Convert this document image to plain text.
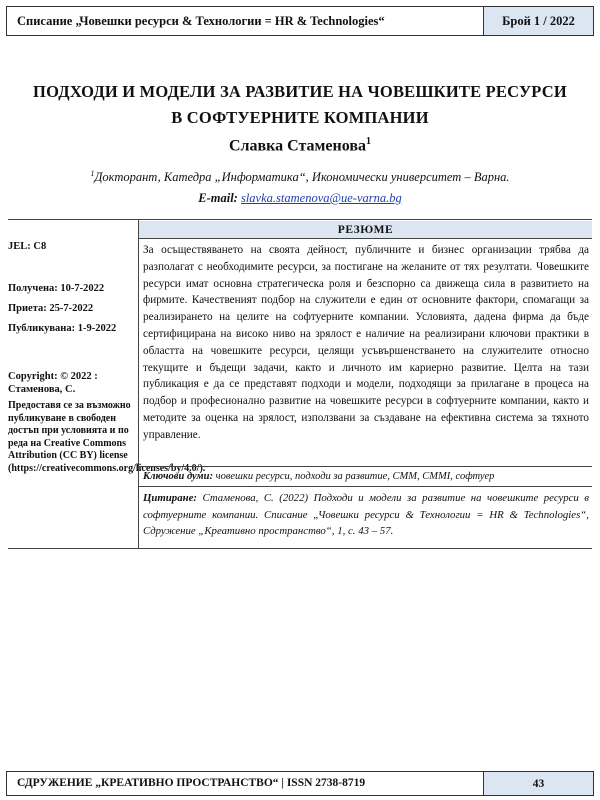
Списание „Човешки ресурси & Технологии = HR & Technologies“	Брой 1 / 2022
ПОДХОДИ И МОДЕЛИ ЗА РАЗВИТИЕ НА ЧОВЕШКИТЕ РЕСУРСИ
В СОФТУЕРНИТЕ КОМПАНИИ
Славка Стаменова$^1$
$^1$Докторант, Катедра „Информатика“, Икономически университет – Варна.
E-mail: slavka.stamenova@ue-varna.bg
JEL: C8
Получена: 10-7-2022
Приета: 25-7-2022
Публикувана: 1-9-2022
Copyright: © 2022 : Стаменова, С.
Предоставя се за възможно публикуване в свободен достъп при условията и по реда на Creative Commons Attribution (CC BY) license (https://creativecommons.org/licenses/by/4.0/).
РЕЗЮМЕ
За осъществяването на своята дейност, публичните и бизнес организации трябва да разполагат с необходимите ресурси, за постигане на желаните от тях резултати. Човешките ресурси имат основна стратегическа роля и безспорно са движеща сила в развитието на фирмите. Качественият подбор на служители е един от основните фактори, спомагащи за реализирането на целите на софтуерните компании. Условията, дадена фирма да бъде сертифицирана на високо ниво на зрялост е наличие на реализирани ключови практики в областта на човешките ресурси, целящи усъвършенстването на служителите относно текущите и бъдещи задачи, както и личното им кариерно развитие. Целта на тази публикация е да се представят подходи и модели, подходящи за прилагане в процеса на подбор и професионално развитие на човешките ресурси в софтуерните компании, както и методите за оценка на зрялост, използвани за създаване на ефективна система за тяхното управление.
Ключови думи: човешки ресурси, подходи за развитие, CMM, CMMI, софтуер
Цитиране: Стаменова, С. (2022) Подходи и модели за развитие на човешките ресурси в софтуерните компании. Списание „Човешки ресурси & Технологии = HR & Technologies“, Сдружение „Креативно пространство“, 1, с. 43 – 57.
СДРУЖЕНИЕ „КРЕАТИВНО ПРОСТРАНСТВО“ | ISSN 2738-8719	43
